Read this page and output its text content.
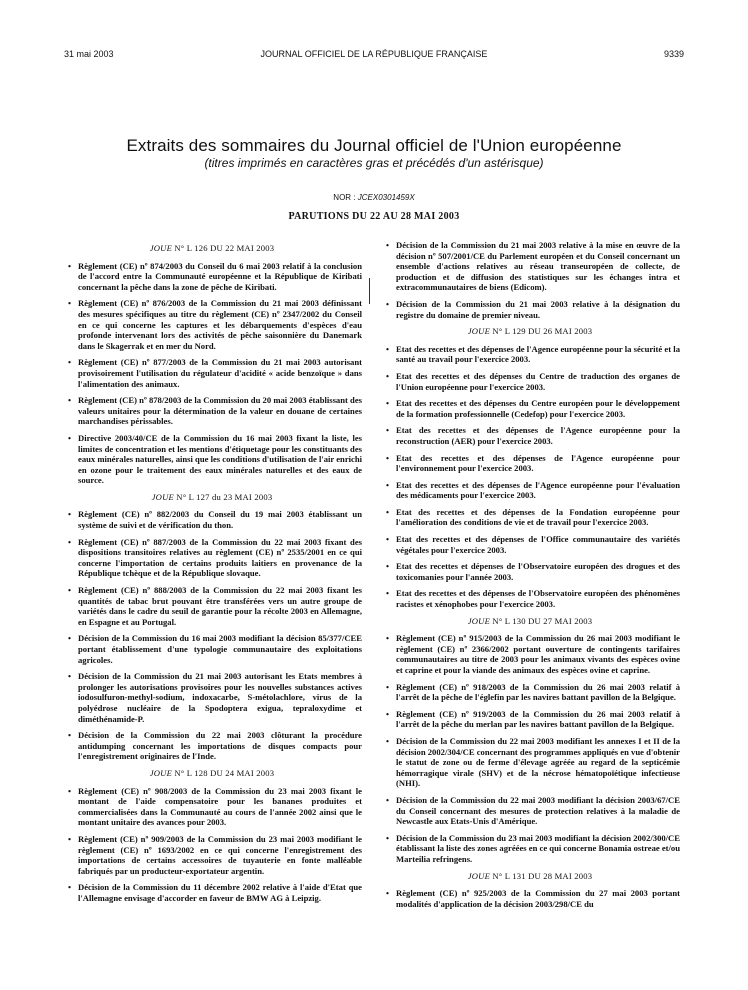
31 mai 2003	JOURNAL OFFICIEL DE LA RÉPUBLIQUE FRANÇAISE	9339
Extraits des sommaires du Journal officiel de l'Union européenne
(titres imprimés en caractères gras et précédés d'un astérisque)
NOR : JCEX0301459X
PARUTIONS DU 22 AU 28 MAI 2003
JOUE N° L 126 DU 22 MAI 2003
• Règlement (CE) nº 874/2003 du Conseil du 6 mai 2003 relatif à la conclusion de l'accord entre la Communauté européenne et la République de Kiribati concernant la pêche dans la zone de pêche de Kiribati.
• Règlement (CE) nº 876/2003 de la Commission du 21 mai 2003 définissant des mesures spécifiques au titre du règlement (CE) nº 2347/2002 du Conseil en ce qui concerne les captures et les débarquements d'espèces d'eau profonde intervenant lors des activités de pêche saisonnière du Danemark dans le Skagerrak et en mer du Nord.
• Règlement (CE) nº 877/2003 de la Commission du 21 mai 2003 autorisant provisoirement l'utilisation du régulateur d'acidité « acide benzoïque » dans l'alimentation des animaux.
• Règlement (CE) nº 878/2003 de la Commission du 20 mai 2003 établissant des valeurs unitaires pour la détermination de la valeur en douane de certaines marchandises périssables.
• Directive 2003/40/CE de la Commission du 16 mai 2003 fixant la liste, les limites de concentration et les mentions d'étiquetage pour les constituants des eaux minérales naturelles, ainsi que les conditions d'utilisation de l'air enrichi en ozone pour le traitement des eaux minérales naturelles et des eaux de source.
JOUE N° L 127 du 23 MAI 2003
• Règlement (CE) nº 882/2003 du Conseil du 19 mai 2003 établissant un système de suivi et de vérification du thon.
• Règlement (CE) nº 887/2003 de la Commission du 22 mai 2003 fixant des dispositions transitoires relatives au règlement (CE) nº 2535/2001 en ce qui concerne l'importation de certains produits laitiers en provenance de la République tchèque et de la République slovaque.
• Règlement (CE) nº 888/2003 de la Commission du 22 mai 2003 fixant les quantités de tabac brut pouvant être transférées vers un autre groupe de variétés dans le cadre du seuil de garantie pour la récolte 2003 en Allemagne, en Espagne et au Portugal.
• Décision de la Commission du 16 mai 2003 modifiant la décision 85/377/CEE portant établissement d'une typologie communautaire des exploitations agricoles.
• Décision de la Commission du 21 mai 2003 autorisant les Etats membres à prolonger les autorisations provisoires pour les nouvelles substances actives iodosulfuron-methyl-sodium, indoxacarbe, S-métolachlore, virus de la polyédrose nucléaire de la Spodoptera exigua, tepraloxydime et diméthénamide-P.
• Décision de la Commission du 22 mai 2003 clôturant la procédure antidumping concernant les importations de disques compacts pour l'enregistrement originaires de l'Inde.
JOUE N° L 128 DU 24 MAI 2003
• Règlement (CE) nº 908/2003 de la Commission du 23 mai 2003 fixant le montant de l'aide compensatoire pour les bananes produites et commercialisées dans la Communauté au cours de l'année 2002 ainsi que le montant unitaire des avances pour 2003.
• Règlement (CE) nº 909/2003 de la Commission du 23 mai 2003 modifiant le règlement (CE) nº 1693/2002 en ce qui concerne l'enregistrement des importations de certains accessoires de tuyauterie en fonte malléable fabriqués par un producteur-exportateur argentin.
• Décision de la Commission du 11 décembre 2002 relative à l'aide d'Etat que l'Allemagne envisage d'accorder en faveur de BMW AG à Leipzig.
• Décision de la Commission du 21 mai 2003 relative à la mise en œuvre de la décision nº 507/2001/CE du Parlement européen et du Conseil concernant un ensemble d'actions relatives au réseau transeuropéen de collecte, de production et de diffusion des statistiques sur les échanges intra et extracommunautaires de biens (Edicom).
• Décision de la Commission du 21 mai 2003 relative à la désignation du registre du domaine de premier niveau.
JOUE N° L 129 DU 26 MAI 2003
• Etat des recettes et des dépenses de l'Agence européenne pour la sécurité et la santé au travail pour l'exercice 2003.
• Etat des recettes et des dépenses du Centre de traduction des organes de l'Union européenne pour l'exercice 2003.
• Etat des recettes et des dépenses du Centre européen pour le développement de la formation professionnelle (Cedefop) pour l'exercice 2003.
• Etat des recettes et des dépenses de l'Agence européenne pour la reconstruction (AER) pour l'exercice 2003.
• Etat des recettes et des dépenses de l'Agence européenne pour l'environnement pour l'exercice 2003.
• Etat des recettes et des dépenses de l'Agence européenne pour l'évaluation des médicaments pour l'exercice 2003.
• Etat des recettes et des dépenses de la Fondation européenne pour l'amélioration des conditions de vie et de travail pour l'exercice 2003.
• Etat des recettes et des dépenses de l'Office communautaire des variétés végétales pour l'exercice 2003.
• Etat des recettes et dépenses de l'Observatoire européen des drogues et des toxicomanies pour l'année 2003.
• Etat des recettes et des dépenses de l'Observatoire européen des phénomènes racistes et xénophobes pour l'exercice 2003.
JOUE N° L 130 DU 27 MAI 2003
• Règlement (CE) nº 915/2003 de la Commission du 26 mai 2003 modifiant le règlement (CE) nº 2366/2002 portant ouverture de contingents tarifaires communautaires au titre de 2003 pour les animaux vivants des espèces ovine et caprine et pour la viande des animaux des espèces ovine et caprine.
• Règlement (CE) nº 918/2003 de la Commission du 26 mai 2003 relatif à l'arrêt de la pêche de l'églefin par les navires battant pavillon de la Belgique.
• Règlement (CE) nº 919/2003 de la Commission du 26 mai 2003 relatif à l'arrêt de la pêche du merlan par les navires battant pavillon de la Belgique.
• Décision de la Commission du 22 mai 2003 modifiant les annexes I et II de la décision 2002/304/CE concernant des programmes appliqués en vue d'obtenir le statut de zone ou de ferme d'élevage agréée au regard de la septicémie hémorragique virale (SHV) et de la nécrose hématopoïétique infectieuse (NHI).
• Décision de la Commission du 22 mai 2003 modifiant la décision 2003/67/CE du Conseil concernant des mesures de protection relatives à la maladie de Newcastle aux Etats-Unis d'Amérique.
• Décision de la Commission du 23 mai 2003 modifiant la décision 2002/300/CE établissant la liste des zones agréées en ce qui concerne Bonamia ostreae et/ou Marteilia refringens.
JOUE N° L 131 DU 28 MAI 2003
• Règlement (CE) nº 925/2003 de la Commission du 27 mai 2003 portant modalités d'application de la décision 2003/298/CE du
